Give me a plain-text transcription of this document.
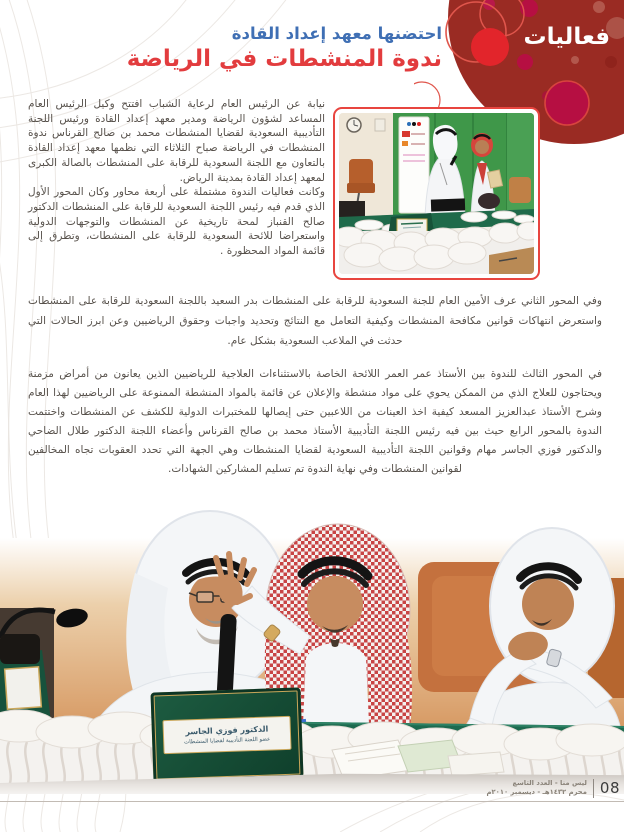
فعاليات
احتضنها معهد إعداد القادة
ندوة المنشطات في الرياضة

نيابة عن الرئيس العام لرعاية الشباب افتتح وكيل الرئيس العام المساعد لشؤون الرياضة ومدير معهد إعداد القادة ورئيس اللجنة التأديبية السعودية لقضايا المنشطات محمد بن صالح القرناس ندوة المنشطات في الرياضة صباح الثلاثاء التي نظمها معهد إعداد القادة بالتعاون مع اللجنة السعودية للرقابة على المنشطات بالصالة الكبرى لمعهد إعداد القادة بمدينة الرياض.

وكانت فعاليات الندوة مشتملة على أربعة محاور وكان المحور الأول الذي قدم فيه رئيس اللجنة السعودية للرقابة على المنشطات الدكتور صالح القنباز لمحة تاريخية عن المنشطات والتوجهات الدولية واستعراضا للائحة السعودية للرقابة على المنشطات، وتطرق إلى قائمة المواد المحظورة .

وفي المحور الثاني عرف الأمين العام للجنة السعودية للرقابة على المنشطات بدر السعيد باللجنة السعودية للرقابة على المنشطات واستعرض انتهاكات قوانين مكافحة المنشطات وكيفية التعامل مع النتائج وتحديد واجبات وحقوق الرياضيين وعن ابرز الحالات التي حدثت في الملاعب السعودية بشكل عام.

في المحور الثالث للندوة بين الأستاذ عمر العمر اللائحة الخاصة بالاستثناءات العلاجية للرياضيين الذين يعانون من أمراض مزمنة ويحتاجون للعلاج الذي من الممكن يحوي على مواد منشطة والإعلان عن قائمة بالمواد المنشطة الممنوعة على الرياضيين لهذا العام وشرح الأستاذ عبدالعزيز المسعد كيفية اخذ العينات من اللاعبين حتى إيصالها للمختبرات الدولية للكشف عن المنشطات واختتمت الندوة بالمحور الرابع حيث بين فيه رئيس اللجنة التأديبية الأستاذ محمد بن صالح القرناس وأعضاء اللجنة الدكتور طلال الضاحي والدكتور فوزي الجاسر مهام وقوانين اللجنة التأديبية السعودية لقضايا المنشطات وهي الجهة التي تحدد العقوبات تجاه المخالفين لقوانين المنشطات وفي نهاية الندوة تم تسليم المشاركين الشهادات.

الدكتور فوزي الجاسر
عضو اللجنة التأديبية لقضايا المنشطات
ليس منا - العدد التاسع
محرم ١٤٣٢هـ - ديسمبر ٢٠١٠م 08
